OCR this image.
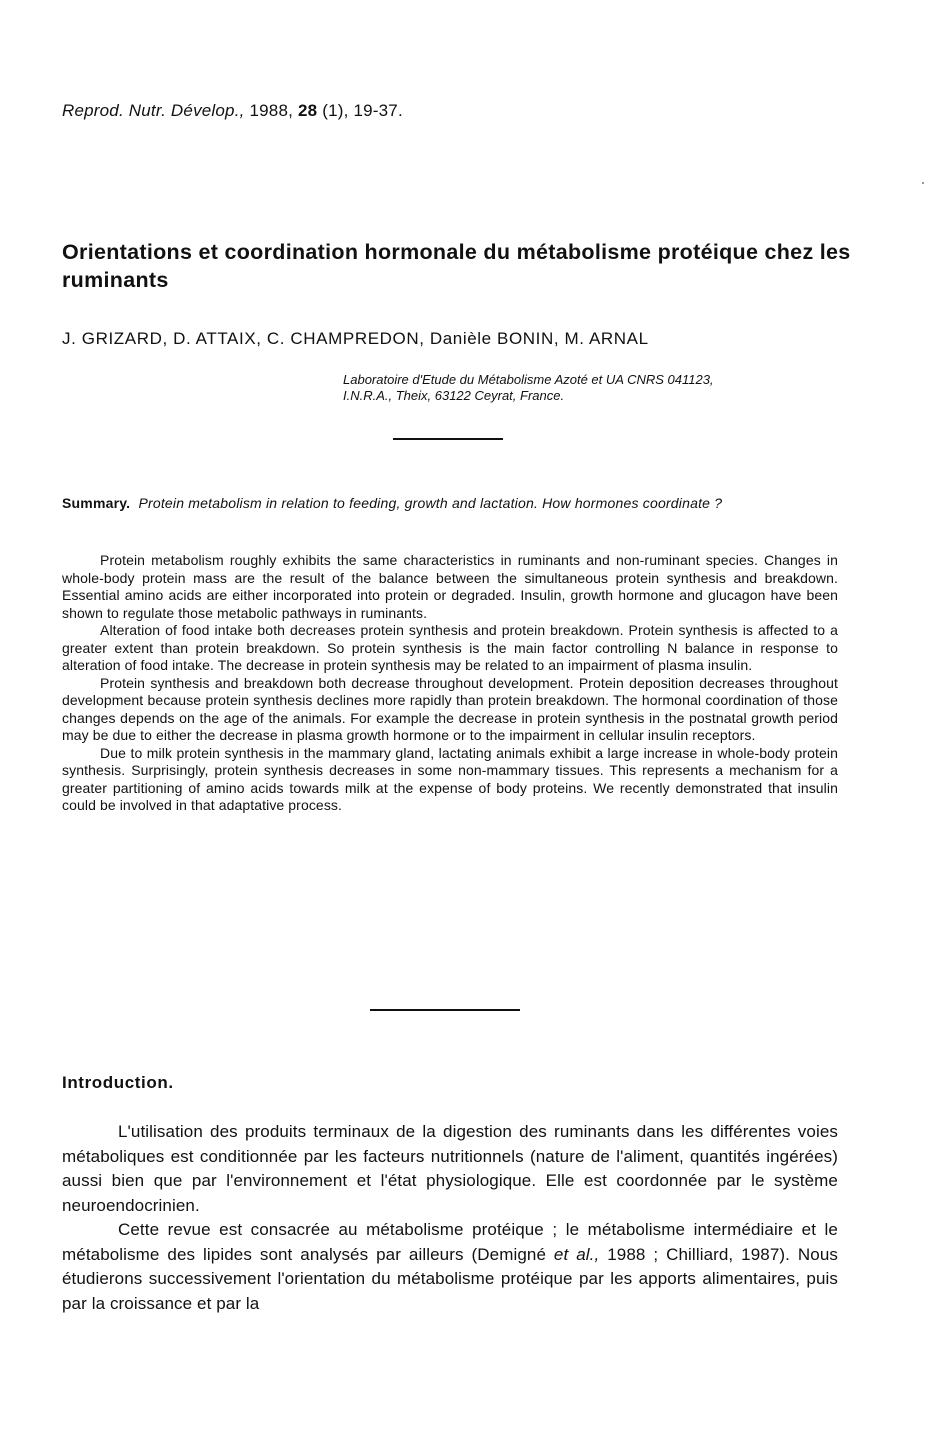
Reprod. Nutr. Dévelop., 1988, 28 (1), 19-37.
Orientations et coordination hormonale du métabolisme protéique chez les ruminants
J. GRIZARD, D. ATTAIX, C. CHAMPREDON, Danièle BONIN, M. ARNAL
Laboratoire d'Etude du Métabolisme Azoté et UA CNRS 041123,
I.N.R.A., Theix, 63122 Ceyrat, France.
Summary. Protein metabolism in relation to feeding, growth and lactation. How hormones coordinate ?

Protein metabolism roughly exhibits the same characteristics in ruminants and non-ruminant species. Changes in whole-body protein mass are the result of the balance between the simultaneous protein synthesis and breakdown. Essential amino acids are either incorporated into protein or degraded. Insulin, growth hormone and glucagon have been shown to regulate those metabolic pathways in ruminants.

Alteration of food intake both decreases protein synthesis and protein breakdown. Protein synthesis is affected to a greater extent than protein breakdown. So protein synthesis is the main factor controlling N balance in response to alteration of food intake. The decrease in protein synthesis may be related to an impairment of plasma insulin.

Protein synthesis and breakdown both decrease throughout development. Protein deposition decreases throughout development because protein synthesis declines more rapidly than protein breakdown. The hormonal coordination of those changes depends on the age of the animals. For example the decrease in protein synthesis in the postnatal growth period may be due to either the decrease in plasma growth hormone or to the impairment in cellular insulin receptors.

Due to milk protein synthesis in the mammary gland, lactating animals exhibit a large increase in whole-body protein synthesis. Surprisingly, protein synthesis decreases in some non-mammary tissues. This represents a mechanism for a greater partitioning of amino acids towards milk at the expense of body proteins. We recently demonstrated that insulin could be involved in that adaptative process.

Introduction.

L'utilisation des produits terminaux de la digestion des ruminants dans les différentes voies métaboliques est conditionnée par les facteurs nutritionnels (nature de l'aliment, quantités ingérées) aussi bien que par l'environnement et l'état physiologique. Elle est coordonnée par le système neuroendocrinien.

Cette revue est consacrée au métabolisme protéique ; le métabolisme intermédiaire et le métabolisme des lipides sont analysés par ailleurs (Demigné et al., 1988 ; Chilliard, 1987). Nous étudierons successivement l'orientation du métabolisme protéique par les apports alimentaires, puis par la croissance et par la
